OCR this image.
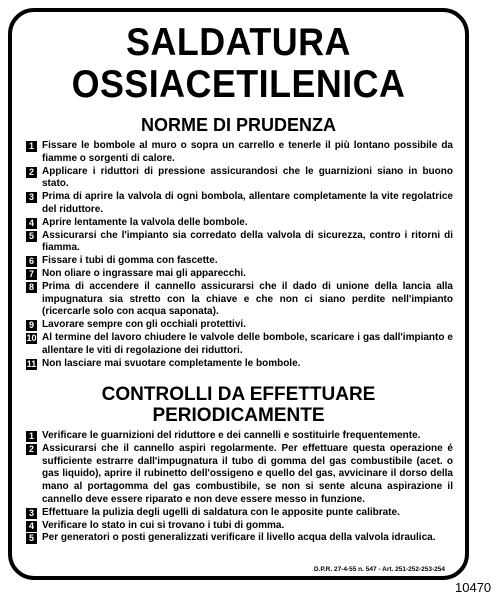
SALDATURA
OSSIACETILENICA
NORME DI PRUDENZA
1 Fissare le bombole al muro o sopra un carrello e tenerle il più lontano possibile da fiamme o sorgenti di calore.
2 Applicare i riduttori di pressione assicurandosi che le guarnizioni siano in buono stato.
3 Prima di aprire la valvola di ogni bombola, allentare completamente la vite regolatrice del riduttore.
4 Aprire lentamente la valvola delle bombole.
5 Assicurarsi che l'impianto sia corredato della valvola di sicurezza, contro i ritorni di fiamma.
6 Fissare i tubi di gomma con fascette.
7 Non oliare o ingrassare mai gli apparecchi.
8 Prima di accendere il cannello assicurarsi che il dado di unione della lancia alla impugnatura sia stretto con la chiave e che non ci siano perdite nell'impianto (ricercarle solo con acqua saponata).
9 Lavorare sempre con gli occhiali protettivi.
10 Al termine del lavoro chiudere le valvole delle bombole, scaricare i gas dall'impianto e allentare le viti di regolazione dei riduttori.
11 Non lasciare mai svuotare completamente le bombole.
CONTROLLI DA EFFETTUARE
PERIODICAMENTE
1 Verificare le guarnizioni del riduttore e dei cannelli e sostituirle frequentemente.
2 Assicurarsi che il cannello aspiri regolarmente. Per effettuare questa operazione é sufficiente estrarre dall'impugnatura il tubo di gomma del gas combustibile (acet. o gas liquido), aprire il rubinetto dell'ossigeno e quello del gas, avvicinare il dorso della mano al portagomma del gas combustibile, se non si sente alcuna aspirazione il cannello deve essere riparato e non deve essere messo in funzione.
3 Effettuare la pulizia degli ugelli di saldatura con le apposite punte calibrate.
4 Verificare lo stato in cui si trovano i tubi di gomma.
5 Per generatori o posti generalizzati verificare il livello acqua della valvola idraulica.
D.P.R. 27-4-55 n. 547 - Art. 251-252-253-254
10470
